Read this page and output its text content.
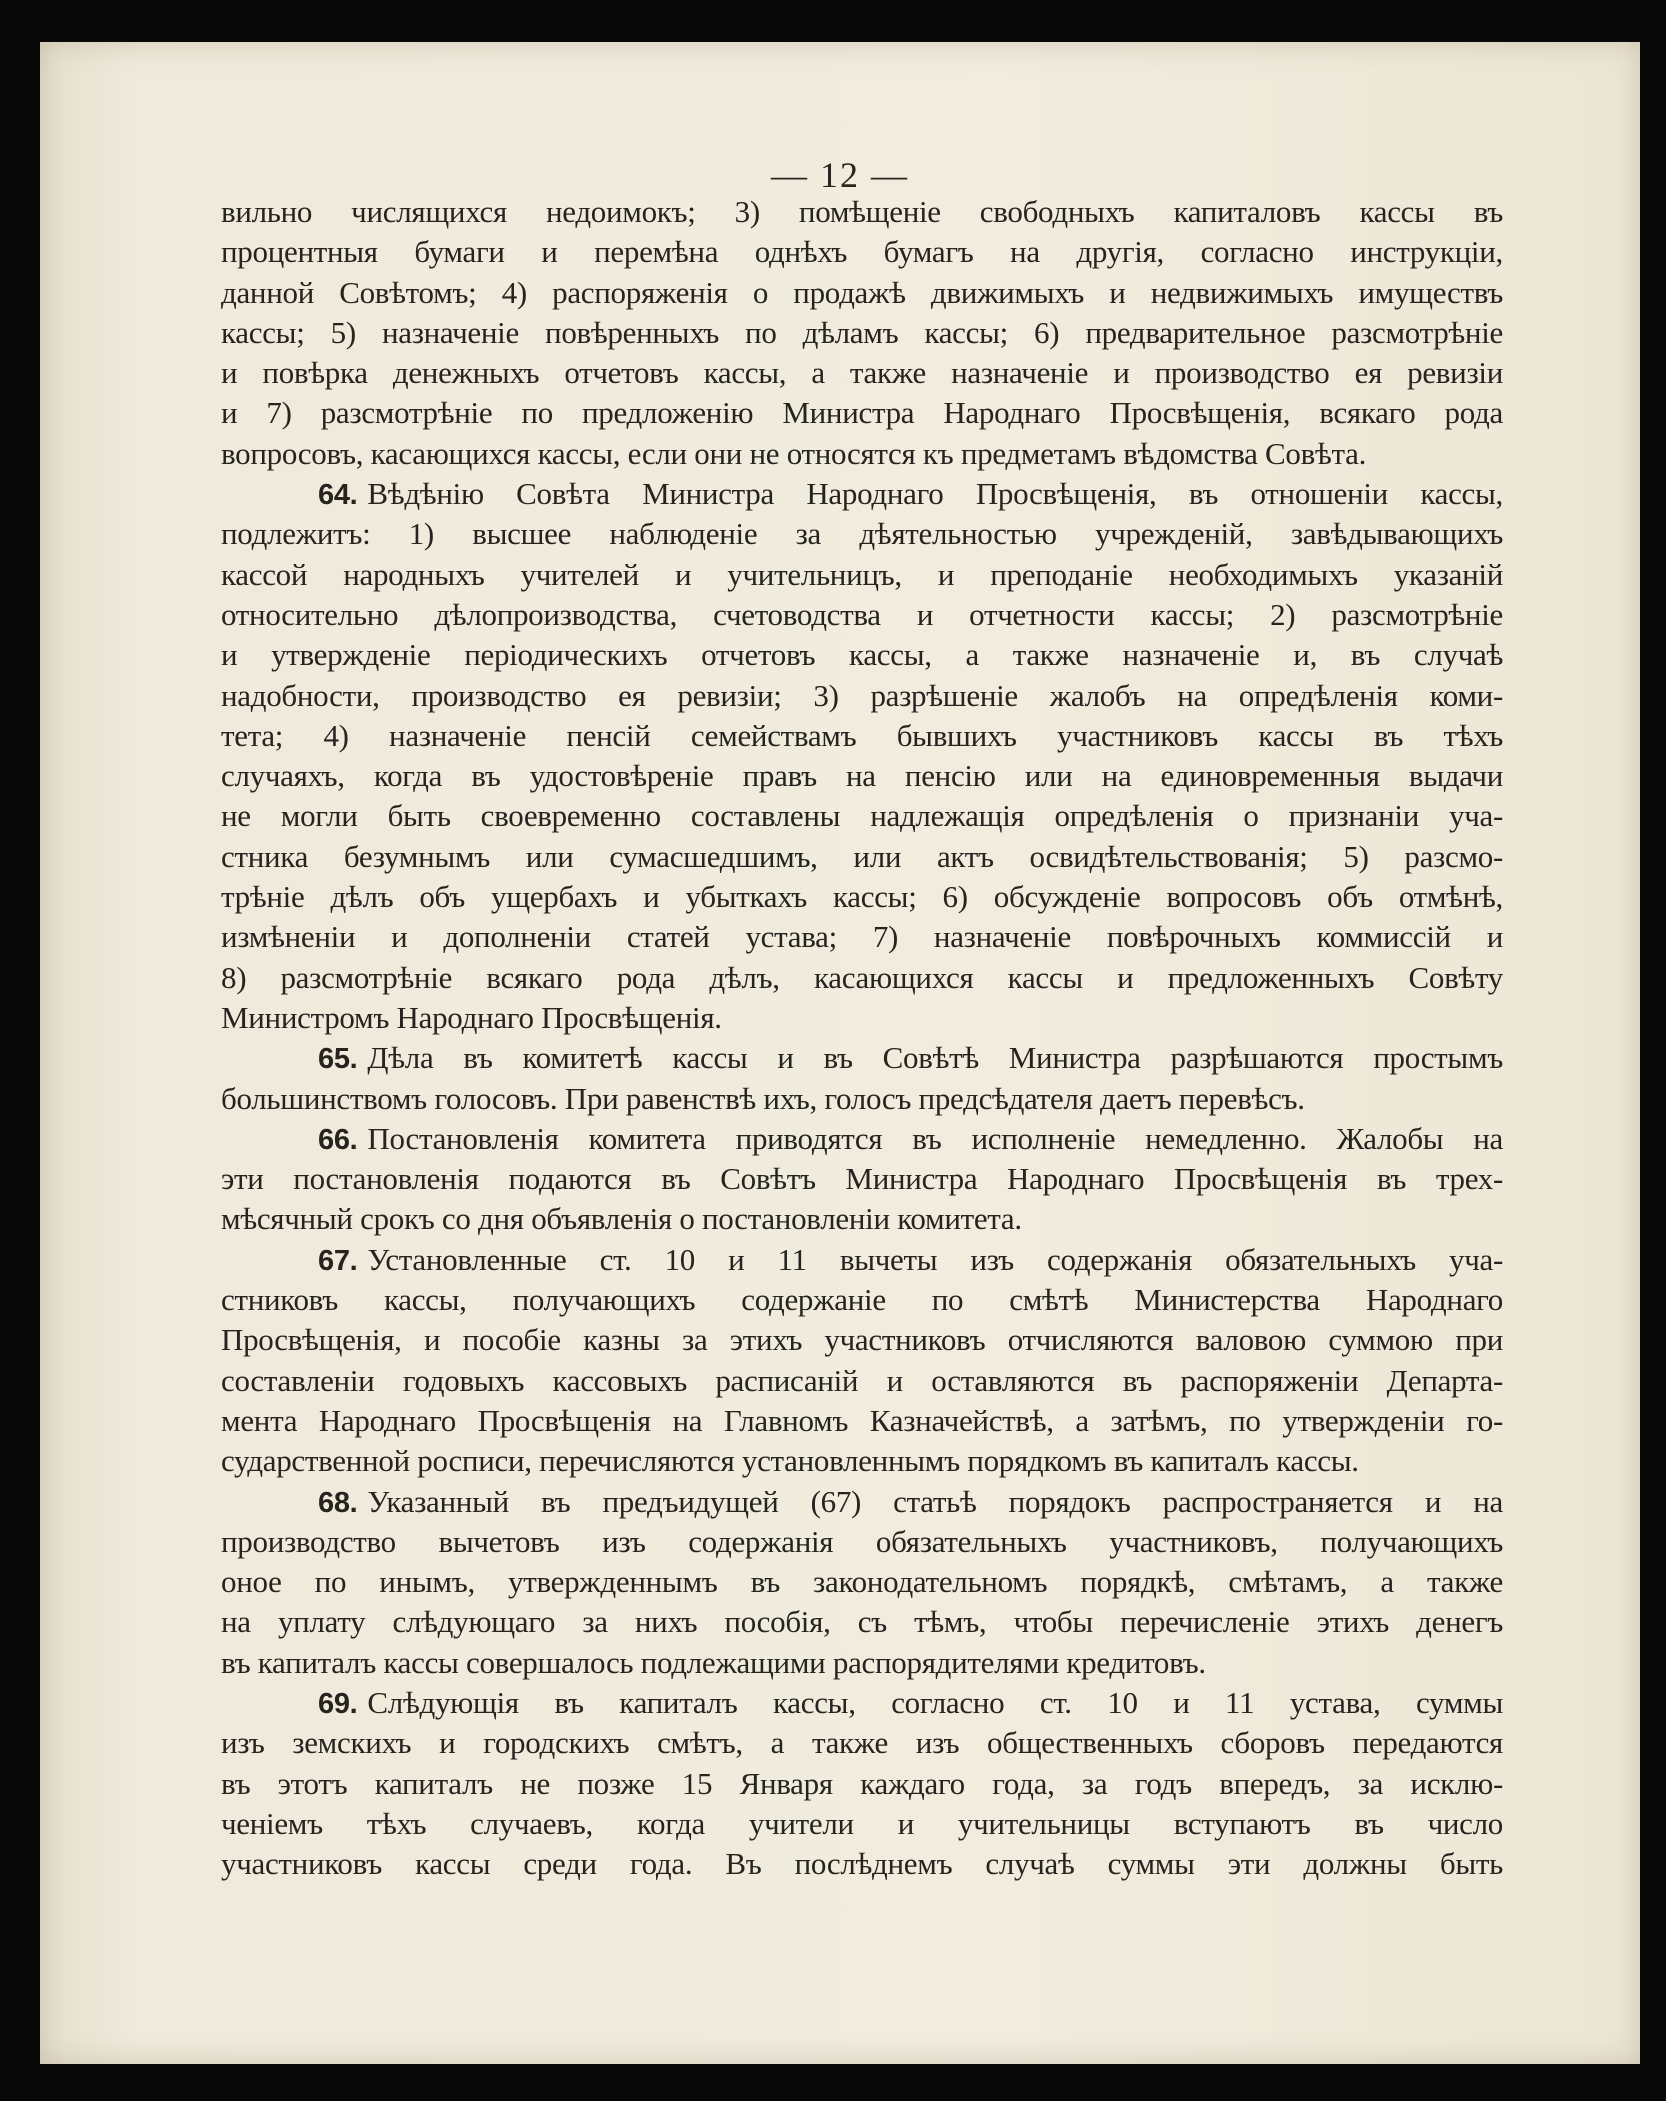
— 12 —
вильно числящихся недоимокъ; 3) помѣщеніе свободныхъ капиталовъ кассы въ
процентныя бумаги и перемѣна однѣхъ бумагъ на другія, согласно инструкціи,
данной Совѣтомъ; 4) распоряженія о продажѣ движимыхъ и недвижимыхъ имуществъ
кассы; 5) назначеніе повѣренныхъ по дѣламъ кассы; 6) предварительное разсмотрѣніе
и повѣрка денежныхъ отчетовъ кассы, а также назначеніе и производство ея ревизіи
и 7) разсмотрѣніе по предложенію Министра Народнаго Просвѣщенія, всякаго рода
вопросовъ, касающихся кассы, если они не относятся къ предметамъ вѣдомства Совѣта.
64. Вѣдѣнію Совѣта Министра Народнаго Просвѣщенія, въ отношеніи кассы,
подлежитъ: 1) высшее наблюденіе за дѣятельностью учрежденій, завѣдывающихъ
кассой народныхъ учителей и учительницъ, и преподаніе необходимыхъ указаній
относительно дѣлопроизводства, счетоводства и отчетности кассы; 2) разсмотрѣніе
и утвержденіе періодическихъ отчетовъ кассы, а также назначеніе и, въ случаѣ
надобности, производство ея ревизіи; 3) разрѣшеніе жалобъ на опредѣленія коми-
тета; 4) назначеніе пенсій семействамъ бывшихъ участниковъ кассы въ тѣхъ
случаяхъ, когда въ удостовѣреніе правъ на пенсію или на единовременныя выдачи
не могли быть своевременно составлены надлежащія опредѣленія о признаніи уча-
стника безумнымъ или сумасшедшимъ, или актъ освидѣтельствованія; 5) разсмо-
трѣніе дѣлъ объ ущербахъ и убыткахъ кассы; 6) обсужденіе вопросовъ объ отмѣнѣ,
измѣненіи и дополненіи статей устава; 7) назначеніе повѣрочныхъ коммиссій и
8) разсмотрѣніе всякаго рода дѣлъ, касающихся кассы и предложенныхъ Совѣту
Министромъ Народнаго Просвѣщенія.
65. Дѣла въ комитетѣ кассы и въ Совѣтѣ Министра разрѣшаются простымъ
большинствомъ голосовъ. При равенствѣ ихъ, голосъ предсѣдателя даетъ перевѣсъ.
66. Постановленія комитета приводятся въ исполненіе немедленно. Жалобы на
эти постановленія подаются въ Совѣтъ Министра Народнаго Просвѣщенія въ трех-
мѣсячный срокъ со дня объявленія о постановленіи комитета.
67. Установленные ст. 10 и 11 вычеты изъ содержанія обязательныхъ уча-
стниковъ кассы, получающихъ содержаніе по смѣтѣ Министерства Народнаго
Просвѣщенія, и пособіе казны за этихъ участниковъ отчисляются валовою суммою при
составленіи годовыхъ кассовыхъ расписаній и оставляются въ распоряженіи Департа-
мента Народнаго Просвѣщенія на Главномъ Казначействѣ, а затѣмъ, по утвержденіи го-
сударственной росписи, перечисляются установленнымъ порядкомъ въ капиталъ кассы.
68. Указанный въ предъидущей (67) статьѣ порядокъ распространяется и на
производство вычетовъ изъ содержанія обязательныхъ участниковъ, получающихъ
оное по инымъ, утвержденнымъ въ законодательномъ порядкѣ, смѣтамъ, а также
на уплату слѣдующаго за нихъ пособія, съ тѣмъ, чтобы перечисленіе этихъ денегъ
въ капиталъ кассы совершалось подлежащими распорядителями кредитовъ.
69. Слѣдующія въ капиталъ кассы, согласно ст. 10 и 11 устава, суммы
изъ земскихъ и городскихъ смѣтъ, а также изъ общественныхъ сборовъ передаются
въ этотъ капиталъ не позже 15 Января каждаго года, за годъ впередъ, за исклю-
ченіемъ тѣхъ случаевъ, когда учители и учительницы вступаютъ въ число
участниковъ кассы среди года. Въ послѣднемъ случаѣ суммы эти должны быть
